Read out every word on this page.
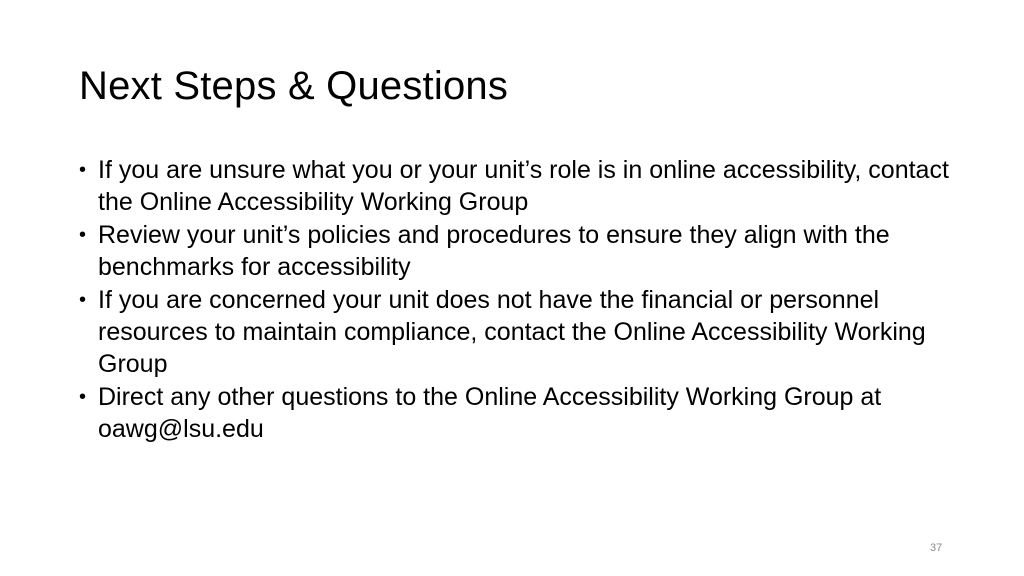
Next Steps & Questions
• If you are unsure what you or your unit’s role is in online accessibility, contact the Online Accessibility Working Group
• Review your unit’s policies and procedures to ensure they align with the benchmarks for accessibility
• If you are concerned your unit does not have the financial or personnel resources to maintain compliance, contact the Online Accessibility Working Group
• Direct any other questions to the Online Accessibility Working Group at oawg@lsu.edu
37
